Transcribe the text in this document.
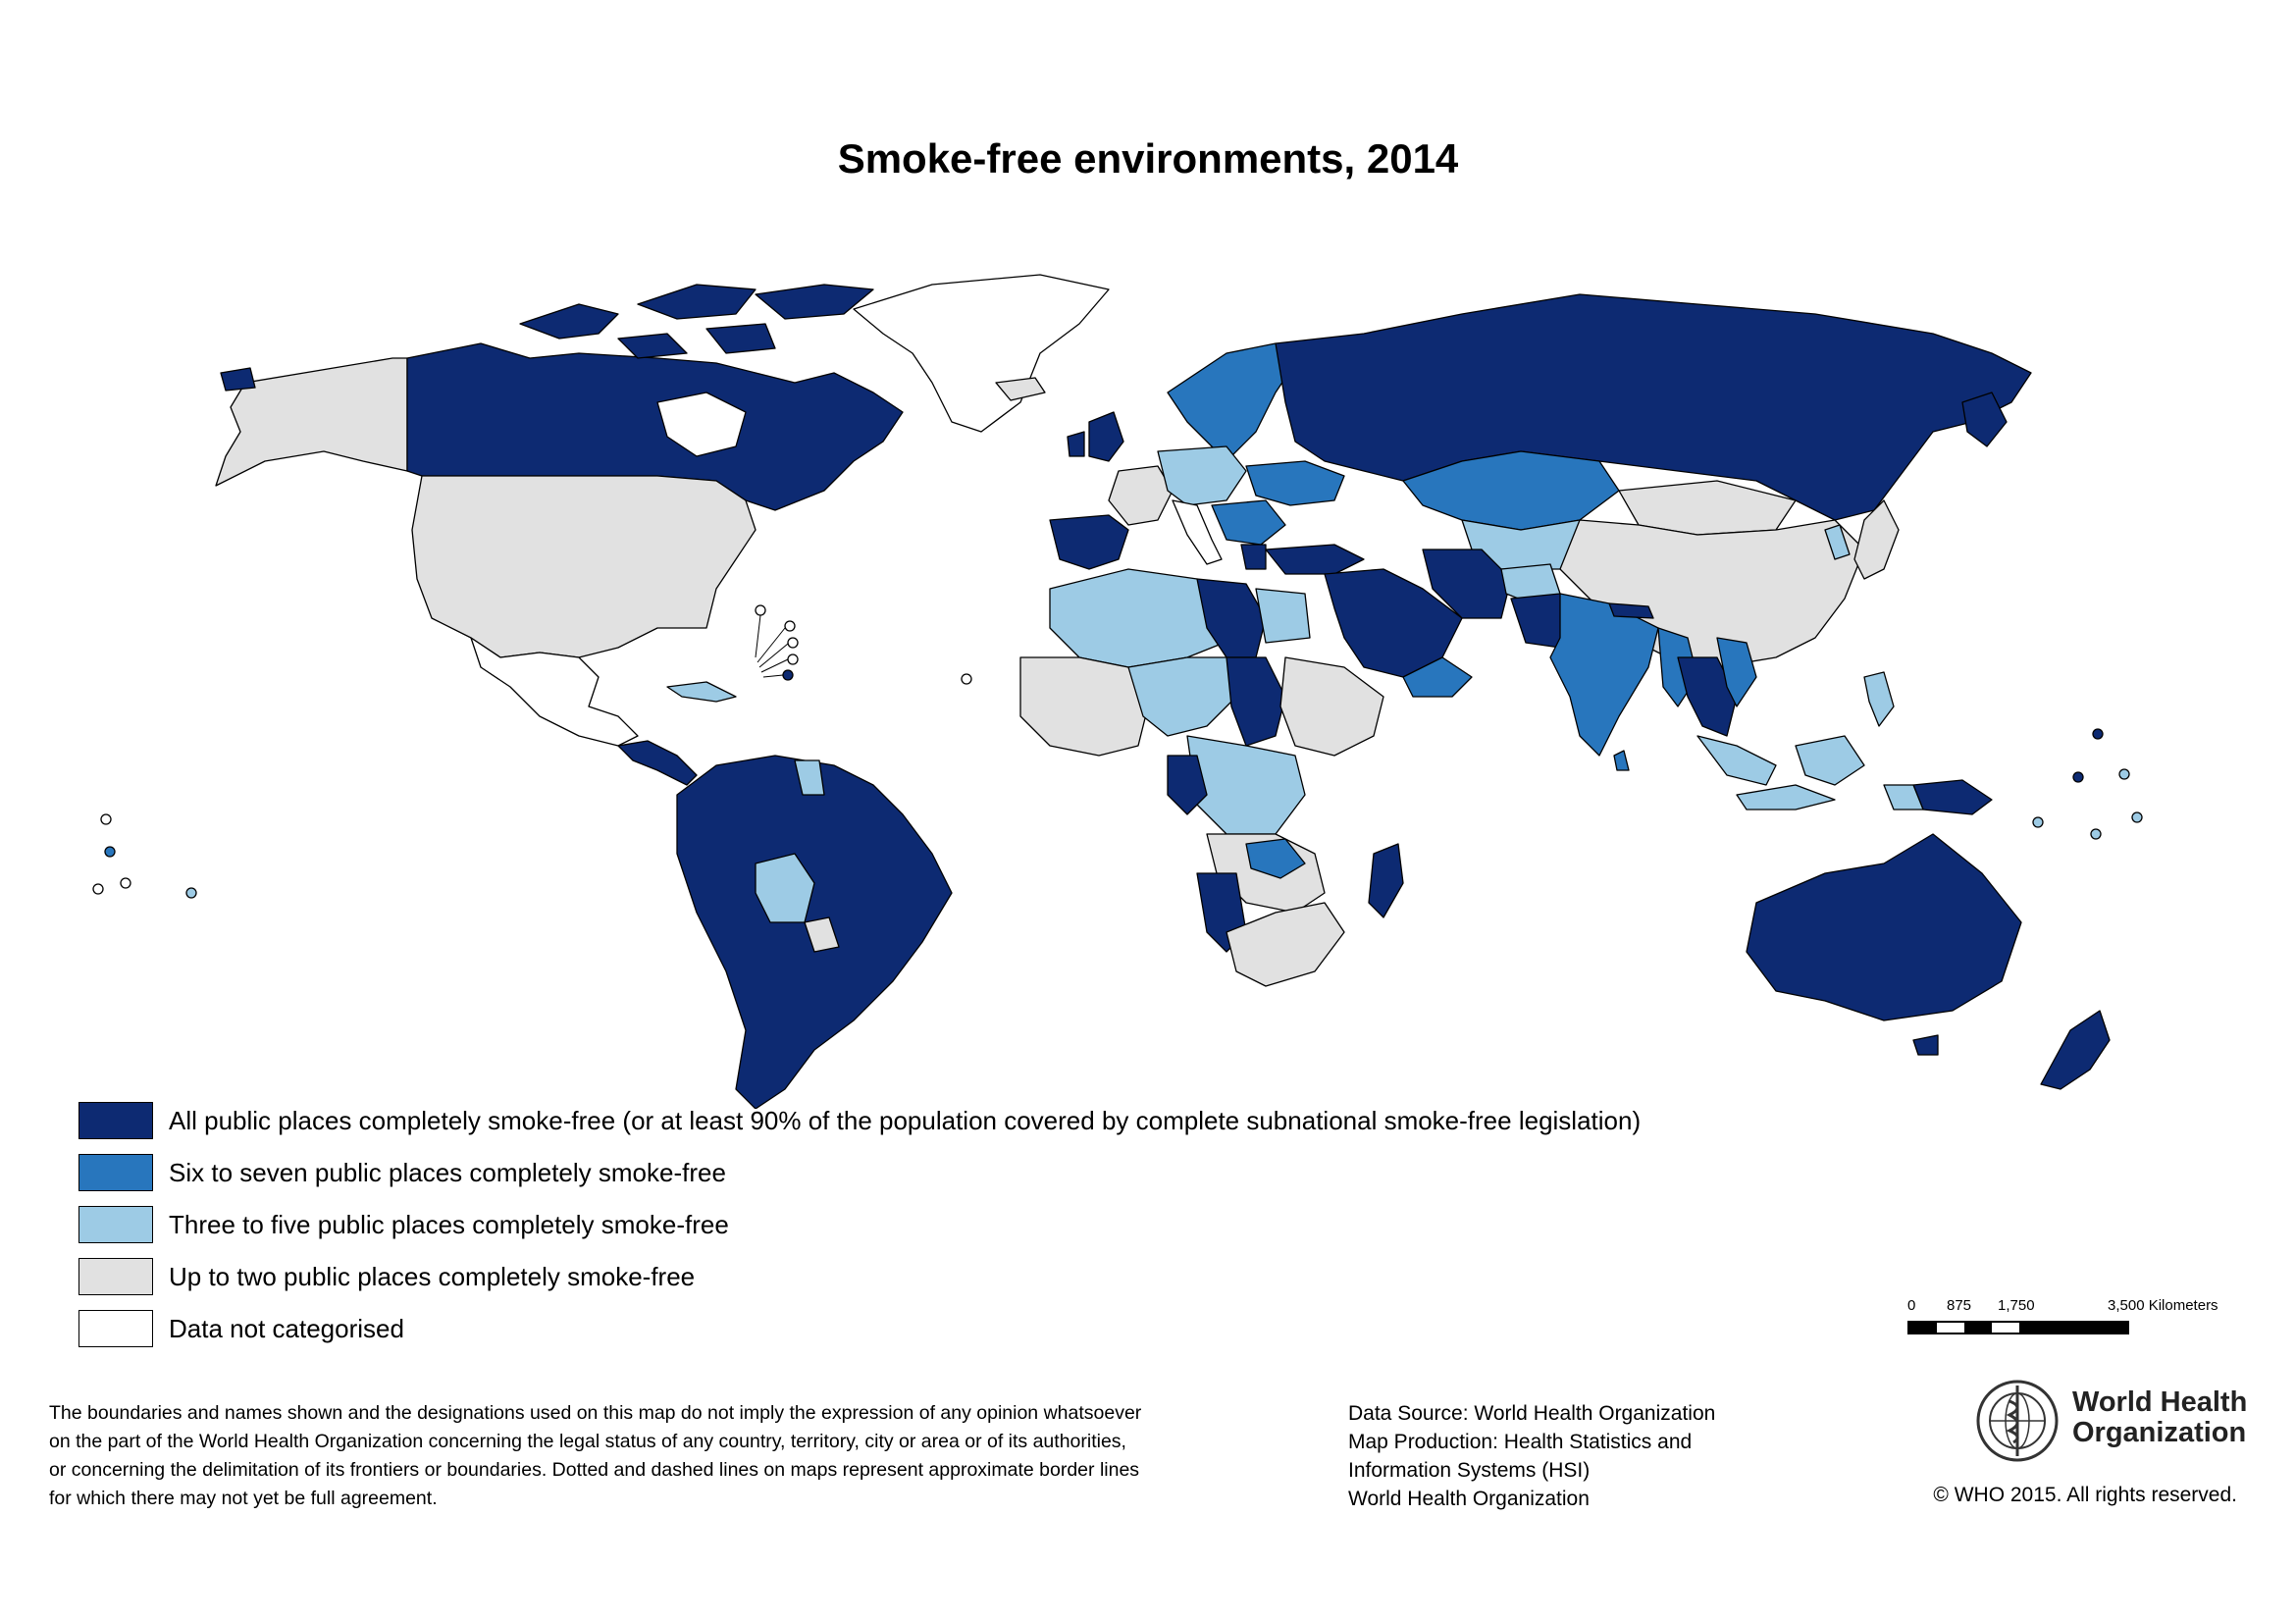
Smoke-free environments, 2014
All public places completely smoke-free (or at least 90% of the population covered by complete subnational smoke-free legislation)
Six to seven public places completely smoke-free
Three to five public places completely smoke-free
Up to two public places completely smoke-free
Data not categorised
0 875 1,750	3,500 Kilometers
The boundaries and names shown and the designations used on this map do not imply the expression of any opinion whatsoever
on the part of the World Health Organization concerning the legal status of any country, territory, city or area or of its authorities,
or concerning the delimitation of its frontiers or boundaries. Dotted and dashed lines on maps represent approximate border lines
for which there may not yet be full agreement.
Data Source: World Health Organization
Map Production: Health Statistics and
Information Systems (HSI)
World Health Organization
World Health
Organization
© WHO 2015. All rights reserved.
